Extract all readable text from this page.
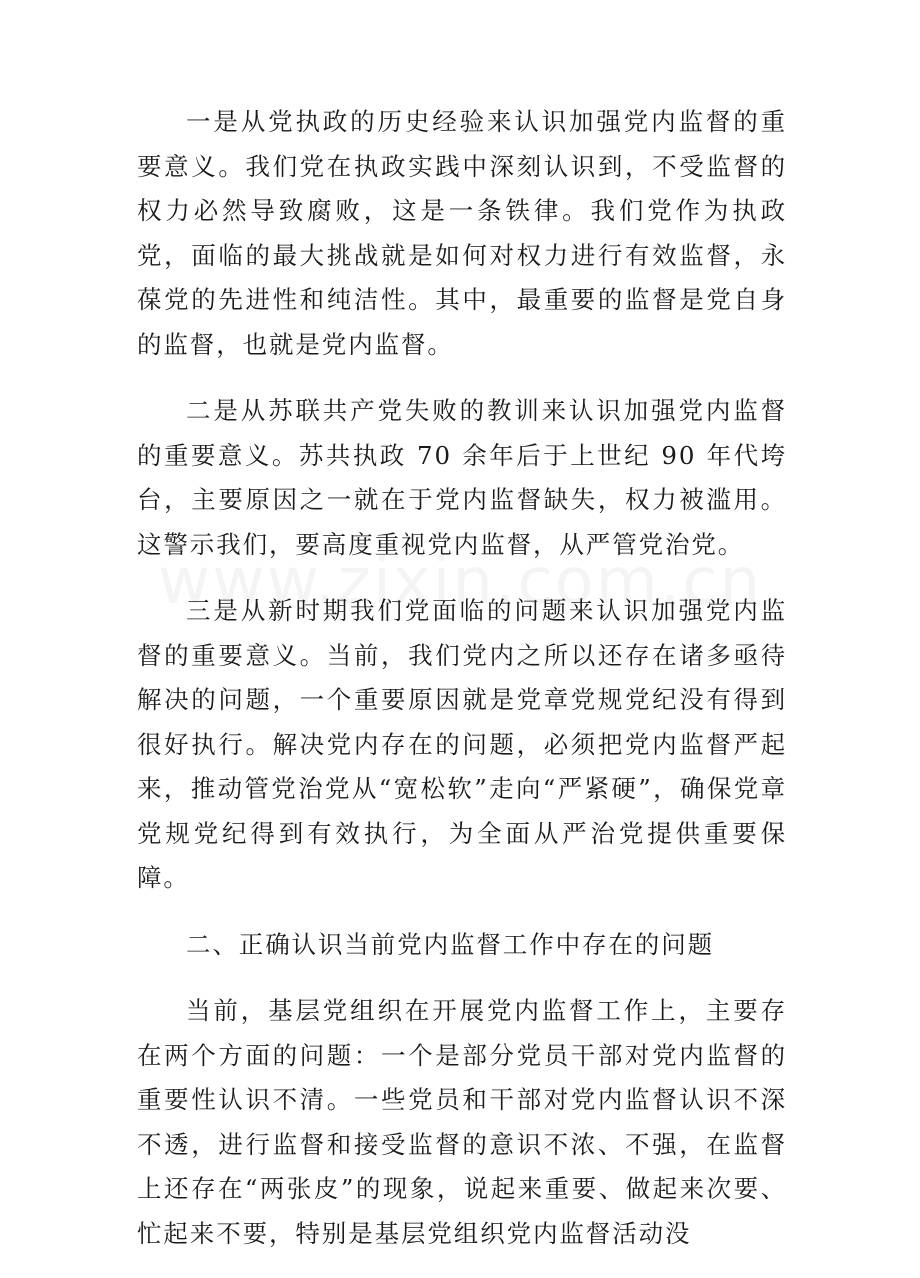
一是从党执政的历史经验来认识加强党内监督的重要意义。我们党在执政实践中深刻认识到，不受监督的权力必然导致腐败，这是一条铁律。我们党作为执政党，面临的最大挑战就是如何对权力进行有效监督，永葆党的先进性和纯洁性。其中，最重要的监督是党自身的监督，也就是党内监督。

二是从苏联共产党失败的教训来认识加强党内监督的重要意义。苏共执政 70 余年后于上世纪 90 年代垮台，主要原因之一就在于党内监督缺失，权力被滥用。这警示我们，要高度重视党内监督，从严管党治党。

三是从新时期我们党面临的问题来认识加强党内监督的重要意义。当前，我们党内之所以还存在诸多亟待解决的问题，一个重要原因就是党章党规党纪没有得到很好执行。解决党内存在的问题，必须把党内监督严起来，推动管党治党从“宽松软”走向“严紧硬”，确保党章党规党纪得到有效执行，为全面从严治党提供重要保障。

二、正确认识当前党内监督工作中存在的问题

当前，基层党组织在开展党内监督工作上，主要存在两个方面的问题：一个是部分党员干部对党内监督的重要性认识不清。一些党员和干部对党内监督认识不深不透，进行监督和接受监督的意识不浓、不强，在监督上还存在“两张皮”的现象，说起来重要、做起来次要、忙起来不要，特别是基层党组织党内监督活动没
